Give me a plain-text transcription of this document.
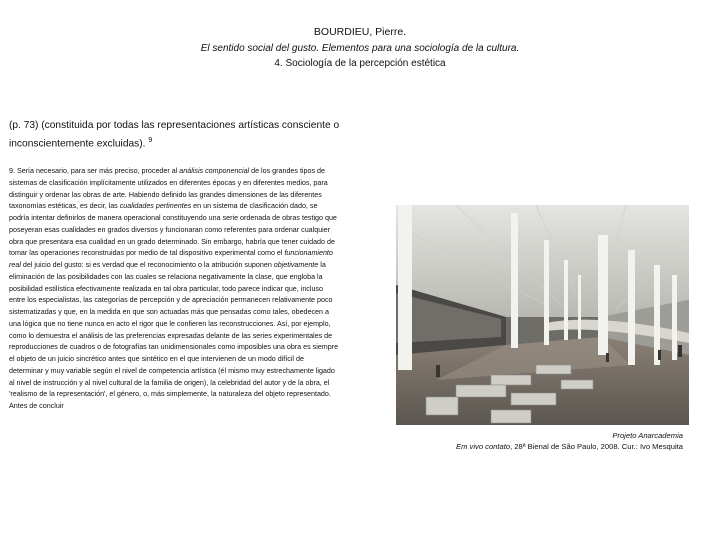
BOURDIEU, Pierre.
El sentido social del gusto. Elementos para una sociología de la cultura.
4. Sociología de la percepción estética
(p. 73) (constituida por todas las representaciones artísticas consciente o inconscientemente excluidas). $^9$
9. Sería necesario, para ser más preciso, proceder al análisis componencial de los grandes tipos de sistemas de clasificación implícitamente utilizados en diferentes épocas y en diferentes medios, para distinguir y ordenar las obras de arte. Habiendo definido las grandes dimensiones de las diferentes taxonomías estéticas, es decir, las cualidades pertinentes en un sistema de clasificación dado, se podría intentar definirlos de manera operacional constituyendo una serie ordenada de obras testigo que poseyeran esas cualidades en grados diversos y funcionaran como referentes para ordenar cualquier obra que presentara esa cualidad en un grado determinado. Sin embargo, habría que tener cuidado de tomar las operaciones reconstruidas por medio de tal dispositivo experimental como el funcionamiento real del juicio del gusto: si es verdad que el reconocimiento o la atribución suponen objetivamente la eliminación de las posibilidades con las cuales se relaciona negativamente la clase, que engloba la posibilidad estilística efectivamente realizada en tal obra particular, todo parece indicar que, incluso entre los especialistas, las categorías de percepción y de apreciación permanecen relativamente poco sistematizadas y que, en la medida en que son actuadas más que pensadas como tales, obedecen a una lógica que no tiene nunca en acto el rigor que le confieren las reconstrucciones. Así, por ejemplo, como lo demuestra el análisis de las preferencias expresadas delante de las series experimentales de reproducciones de cuadros o de fotografías tan unidimensionales como imposibles una obra es siempre el objeto de un juicio sincrético antes que sintético en el que intervienen de un modo difícil de determinar y muy variable según el nivel de competencia artística (él mismo muy estrechamente ligado al nivel de instrucción y al nivel cultural de la familia de origen), la celebridad del autor y de la obra, el 'realismo de la representación', el género, o, más simplemente, la naturaleza del objeto representado. Antes de concluir
Projeto Anarcademia
Em vivo contato, 28ª Bienal de São Paulo, 2008. Cur.: Ivo Mesquita
